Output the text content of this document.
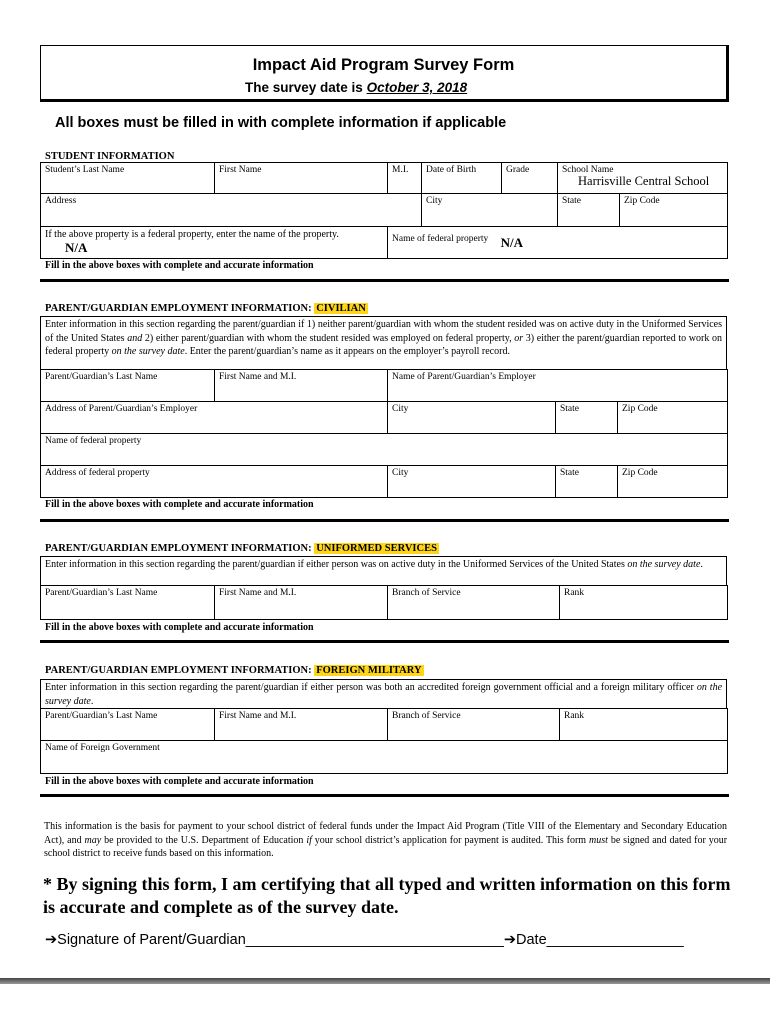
Impact Aid Program Survey Form
The survey date is October 3, 2018
All boxes must be filled in with complete information if applicable
STUDENT INFORMATION
Student’s Last Name	First Name	M.I.	Date of Birth	Grade	School Name
Harrisville Central School	

Address			City		State	Zip Code
If the above property is a federal property, enter the name of the property. N/A		Name of federal property N/A				
Fill in the above boxes with complete and accurate information
PARENT/GUARDIAN EMPLOYMENT INFORMATION: CIVILIAN
Enter information in this section regarding the parent/guardian if 1) neither parent/guardian with whom the student resided was on active duty in the Uniformed Services of the United States and 2) either parent/guardian with whom the student resided was employed on federal property, or 3) either the parent/guardian reported to work on federal property on the survey date. Enter the parent/guardian’s name as it appears on the employer’s payroll record.
Parent/Guardian’s Last Name	First Name and M.I.	Name of Parent/Guardian’s Employer		
Address of Parent/Guardian’s Employer		City	State	Zip Code
Name of federal property				
Address of federal property		City	State	Zip Code
Fill in the above boxes with complete and accurate information
PARENT/GUARDIAN EMPLOYMENT INFORMATION: UNIFORMED SERVICES
Enter information in this section regarding the parent/guardian if either person was on active duty in the Uniformed Services of the United States on the survey date.
Parent/Guardian’s Last Name	First Name and M.I.	Branch of Service	Rank
Fill in the above boxes with complete and accurate information
PARENT/GUARDIAN EMPLOYMENT INFORMATION: FOREIGN MILITARY
Enter information in this section regarding the parent/guardian if either person was both an accredited foreign government official and a foreign military officer on the survey date.
Parent/Guardian’s Last Name	First Name and M.I.	Branch of Service	Rank
Name of Foreign Government
Fill in the above boxes with complete and accurate information
This information is the basis for payment to your school district of federal funds under the Impact Aid Program (Title VIII of the Elementary and Secondary Education Act), and may be provided to the U.S. Department of Education if your school district’s application for payment is audited. This form must be signed and dated for your school district to receive funds based on this information.
* By signing this form, I am certifying that all typed and written information on this form is accurate and complete as of the survey date.
➔Signature of Parent/Guardian________________________________➔Date_________________
